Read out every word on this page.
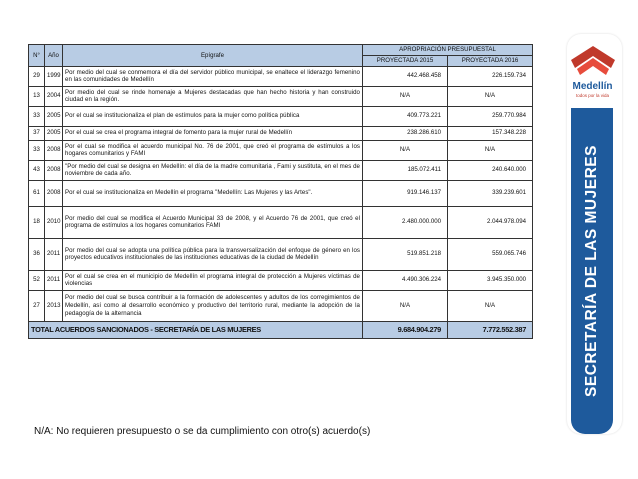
N°	Año	Epígrafe	APROPRIACIÓN PRESUPUESTAL	
			PROYECTADA 2015	PROYECTADA 2016
29	1999	Por medio del cual se conmemora el día del servidor público municipal, se enaltece el liderazgo femenino en las comunidades de Medellín	442.468.458	226.159.734
13	2004	Por medio del cual se rinde homenaje a Mujeres destacadas que han hecho historia y han construido ciudad en la región.	N/A	N/A
33	2005	Por el cual se institucionaliza el plan de estímulos para la mujer como política pública	409.773.221	259.770.984
37	2005	Por el cual se crea el programa integral de fomento para la mujer rural de Medellín	238.286.610	157.348.228
33	2008	Por el cual se modifica el acuerdo municipal No. 76 de 2001, que creó el programa de estímulos a los hogares comunitarios y FAMI	N/A	N/A
43	2008	"Por medio del cual se designa en Medellín: el día de la madre comunitaria , Fami y sustituta, en el mes de noviembre de cada año.	185.072.411	240.640.000
61	2008	Por el cual se institucionaliza en Medellín el programa "Medellín: Las Mujeres y las Artes".	919.146.137	339.239.601
18	2010	Por medio del cual se modifica el Acuerdo Municipal 33 de 2008, y el Acuerdo 76 de 2001, que creó el programa de estímulos a los hogares comunitarios FAMI	2.480.000.000	2.044.978.094
36	2011	Por medio del cual se adopta una política pública para la transversalización del enfoque de género en los proyectos educativos institucionales de las instituciones educativas de la ciudad de Medellín	519.851.218	559.065.746
52	2011	Por el cual se crea en el municipio de Medellín el programa integral de protección a Mujeres víctimas de violencias	4.490.306.224	3.945.350.000
27	2013	Por medio del cual se busca contribuir a la formación de adolescentes y adultos de los corregimientos de Medellín, así como al desarrollo económico y productivo del territorio rural, mediante la adopción de la pedagogía de la alternancia	N/A	N/A
TOTAL ACUERDOS SANCIONADOS - SECRETARÍA DE LAS MUJERES			9.684.904.279	7.772.552.387
N/A: No requieren presupuesto o se da cumplimiento con otro(s) acuerdo(s)
Medellín
todos por la vida
SECRETARÍA DE LAS MUJERES
